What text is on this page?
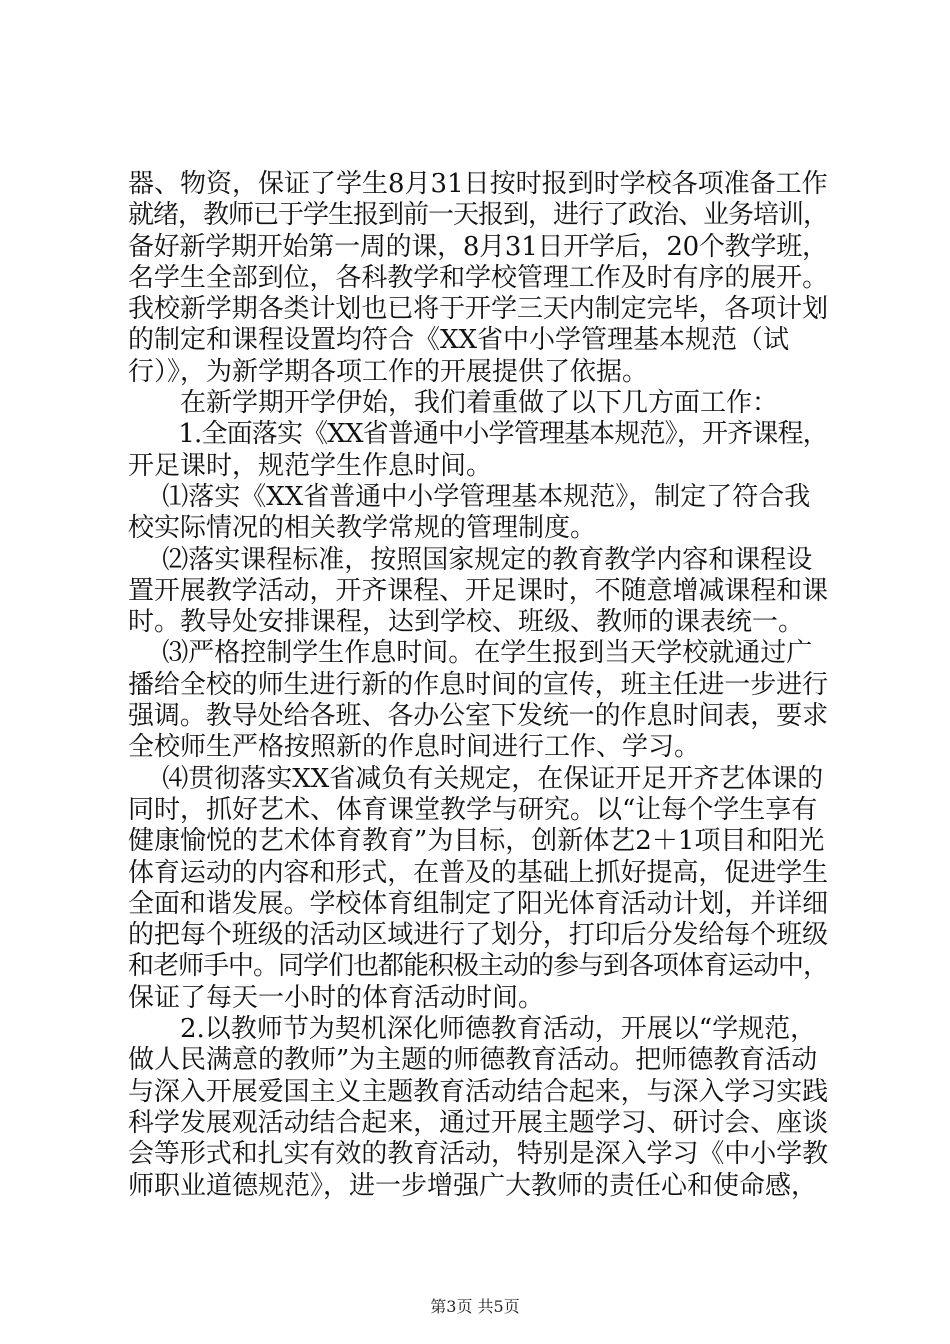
器、物资，保证了学生8月31日按时报到时学校各项准备工作
就绪，教师已于学生报到前一天报到，进行了政治、业务培训，
备好新学期开始第一周的课，8月31日开学后，20个教学班，
名学生全部到位，各科教学和学校管理工作及时有序的展开。
我校新学期各类计划也已将于开学三天内制定完毕，各项计划
的制定和课程设置均符合《XX省中小学管理基本规范（试
行）》，为新学期各项工作的开展提供了依据。
　　在新学期开学伊始，我们着重做了以下几方面工作：
　　1.全面落实《XX省普通中小学管理基本规范》，开齐课程，
开足课时，规范学生作息时间。
　 ⑴落实《XX省普通中小学管理基本规范》，制定了符合我
校实际情况的相关教学常规的管理制度。
　 ⑵落实课程标准，按照国家规定的教育教学内容和课程设
置开展教学活动，开齐课程、开足课时，不随意增减课程和课
时。教导处安排课程，达到学校、班级、教师的课表统一。
　 ⑶严格控制学生作息时间。在学生报到当天学校就通过广
播给全校的师生进行新的作息时间的宣传，班主任进一步进行
强调。教导处给各班、各办公室下发统一的作息时间表，要求
全校师生严格按照新的作息时间进行工作、学习。
　 ⑷贯彻落实XX省减负有关规定，在保证开足开齐艺体课的
同时，抓好艺术、体育课堂教学与研究。以“让每个学生享有
健康愉悦的艺术体育教育”为目标，创新体艺2＋1项目和阳光
体育运动的内容和形式，在普及的基础上抓好提高，促进学生
全面和谐发展。学校体育组制定了阳光体育活动计划，并详细
的把每个班级的活动区域进行了划分，打印后分发给每个班级
和老师手中。同学们也都能积极主动的参与到各项体育运动中，
保证了每天一小时的体育活动时间。
　　2.以教师节为契机深化师德教育活动，开展以“学规范，
做人民满意的教师”为主题的师德教育活动。把师德教育活动
与深入开展爱国主义主题教育活动结合起来，与深入学习实践
科学发展观活动结合起来，通过开展主题学习、研讨会、座谈
会等形式和扎实有效的教育活动，特别是深入学习《中小学教
师职业道德规范》，进一步增强广大教师的责任心和使命感，
第3页 共5页
